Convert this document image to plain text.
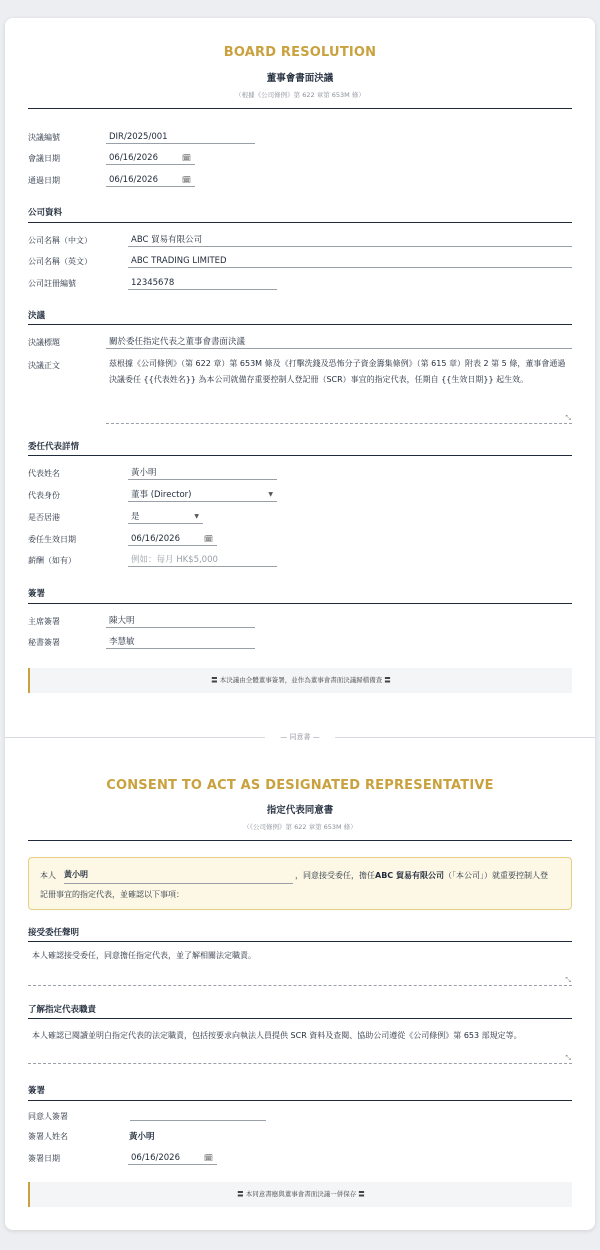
BOARD RESOLUTION
董事會書面決議
（根據《公司條例》第 622 章第 653M 條）
決議編號	DIR/2025/001
會議日期	06/16/2026	🗓
通過日期	06/16/2026	🗓
公司資料
公司名稱（中文）	ABC 貿易有限公司
公司名稱（英文）	ABC TRADING LIMITED
公司註冊編號	12345678
決議
決議標題	關於委任指定代表之董事會書面決議
決議正文	茲根據《公司條例》（第 622 章）第 653M 條及《打擊洗錢及恐怖分子資金籌集條例》（第 615 章）附表 2 第 5 條，董事會通過決議委任 {{代表姓名}} 為本公司就備存重要控制人登記冊（SCR）事宜的指定代表，任期自 {{生效日期}} 起生效。
⤡
委任代表詳情
代表姓名	黃小明
代表身份	董事 (Director)	▼
是否居港	是	▼
委任生效日期	06/16/2026	🗓
薪酬（如有）	例如：每月 HK$5,000
簽署
主席簽署	陳大明
秘書簽署	李慧敏
〓 本決議由全體董事簽署，並作為董事會書面決議歸檔備查 〓
— 同意書 —
CONSENT TO ACT AS DESIGNATED REPRESENTATIVE
指定代表同意書
（《公司條例》第 622 章第 653M 條）
本人 黃小明	，同意接受委任，擔任ABC 貿易有限公司（「本公司」）就重要控制人登
記冊事宜的指定代表，並確認以下事項：
接受委任聲明
本人確認接受委任，同意擔任指定代表，並了解相關法定職責。
⤡
了解指定代表職責
本人確認已閱讀並明白指定代表的法定職責，包括按要求向執法人員提供 SCR 資料及查閱、協助公司遵從《公司條例》第 653 部規定等。
⤡
簽署
同意人簽署
簽署人姓名	黃小明
簽署日期	06/16/2026	🗓
〓 本同意書應與董事會書面決議一併保存 〓
